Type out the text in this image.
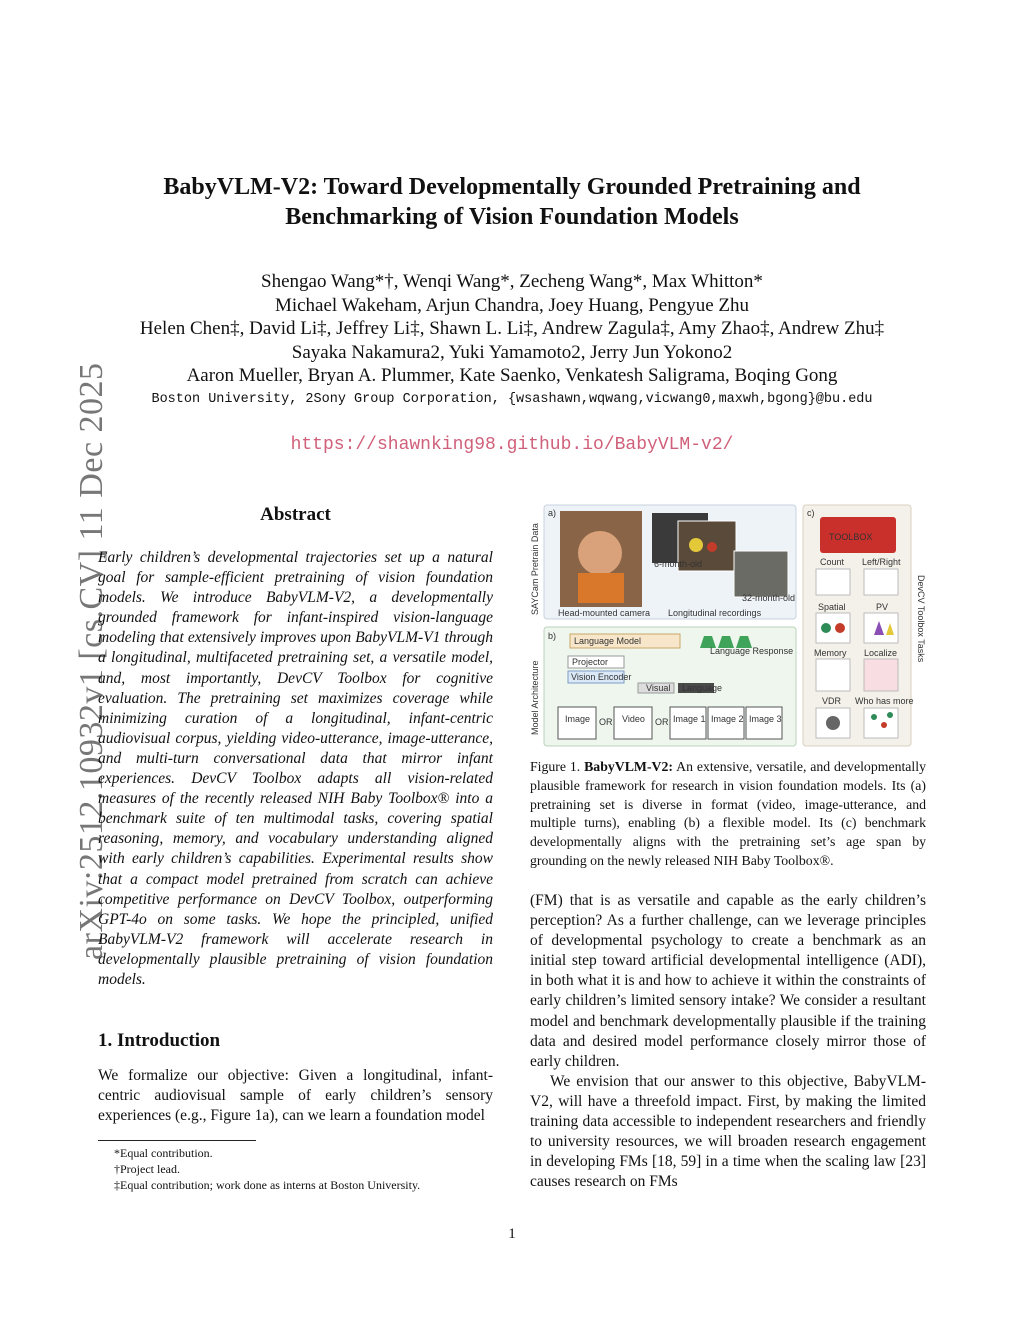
arXiv:2512.10932v1 [cs.CV] 11 Dec 2025
BabyVLM-V2: Toward Developmentally Grounded Pretraining and
Benchmarking of Vision Foundation Models
Shengao Wang*†, Wenqi Wang*, Zecheng Wang*, Max Whitton*
Michael Wakeham, Arjun Chandra, Joey Huang, Pengyue Zhu
Helen Chen‡, David Li‡, Jeffrey Li‡, Shawn L. Li‡, Andrew Zagula‡, Amy Zhao‡, Andrew Zhu‡
Sayaka Nakamura2, Yuki Yamamoto2, Jerry Jun Yokono2
Aaron Mueller, Bryan A. Plummer, Kate Saenko, Venkatesh Saligrama, Boqing Gong
Boston University, 2Sony Group Corporation, {wsashawn,wqwang,vicwang0,maxwh,bgong}@bu.edu
https://shawnking98.github.io/BabyVLM-v2/
Abstract
Early children’s developmental trajectories set up a natural goal for sample-efficient pretraining of vision foundation models. We introduce BabyVLM-V2, a developmentally grounded framework for infant-inspired vision-language modeling that extensively improves upon BabyVLM-V1 through a longitudinal, multifaceted pretraining set, a versatile model, and, most importantly, DevCV Toolbox for cognitive evaluation. The pretraining set maximizes coverage while minimizing curation of a longitudinal, infant-centric audiovisual corpus, yielding video-utterance, image-utterance, and multi-turn conversational data that mirror infant experiences. DevCV Toolbox adapts all vision-related measures of the recently released NIH Baby Toolbox® into a benchmark suite of ten multimodal tasks, covering spatial reasoning, memory, and vocabulary understanding aligned with early children’s capabilities. Experimental results show that a compact model pretrained from scratch can achieve competitive performance on DevCV Toolbox, outperforming GPT-4o on some tasks. We hope the principled, unified BabyVLM-V2 framework will accelerate research in developmentally plausible pretraining of vision foundation models.
1. Introduction
We formalize our objective: Given a longitudinal, infant-centric audiovisual sample of early children’s sensory experiences (e.g., Figure 1a), can we learn a foundation model
*Equal contribution.
†Project lead.
‡Equal contribution; work done as interns at Boston University.
SAYCam Pretrain Data
Model Architecture
DevCV Toolbox Tasks
a)
Head-mounted camera
6-month-old
32-month-old
Longitudinal recordings
b) Language Model
Language Response
Projector
Vision Encoder
Visual Language
Image OR Video OR Image 1 Image 2 Image 3
c)
TOOLBOX
Count Left/Right
Spatial	PV
Memory Localize
VDR Who has more
Figure 1. BabyVLM-V2: An extensive, versatile, and developmentally plausible framework for research in vision foundation models. Its (a) pretraining set is diverse in format (video, image-utterance, and multiple turns), enabling (b) a flexible model. Its (c) benchmark developmentally aligns with the pretraining set’s age span by grounding on the newly released NIH Baby Toolbox®.

(FM) that is as versatile and capable as the early children’s perception? As a further challenge, can we leverage principles of developmental psychology to create a benchmark as an initial step toward artificial developmental intelligence (ADI), in both what it is and how to achieve it within the constraints of early children’s limited sensory intake? We consider a resultant model and benchmark developmentally plausible if the training data and desired model performance closely mirror those of early children.

We envision that our answer to this objective, BabyVLM-V2, will have a threefold impact. First, by making the limited training data accessible to independent researchers and friendly to university resources, we will broaden research engagement in developing FMs [18, 59] in a time when the scaling law [23] causes research on FMs

1
